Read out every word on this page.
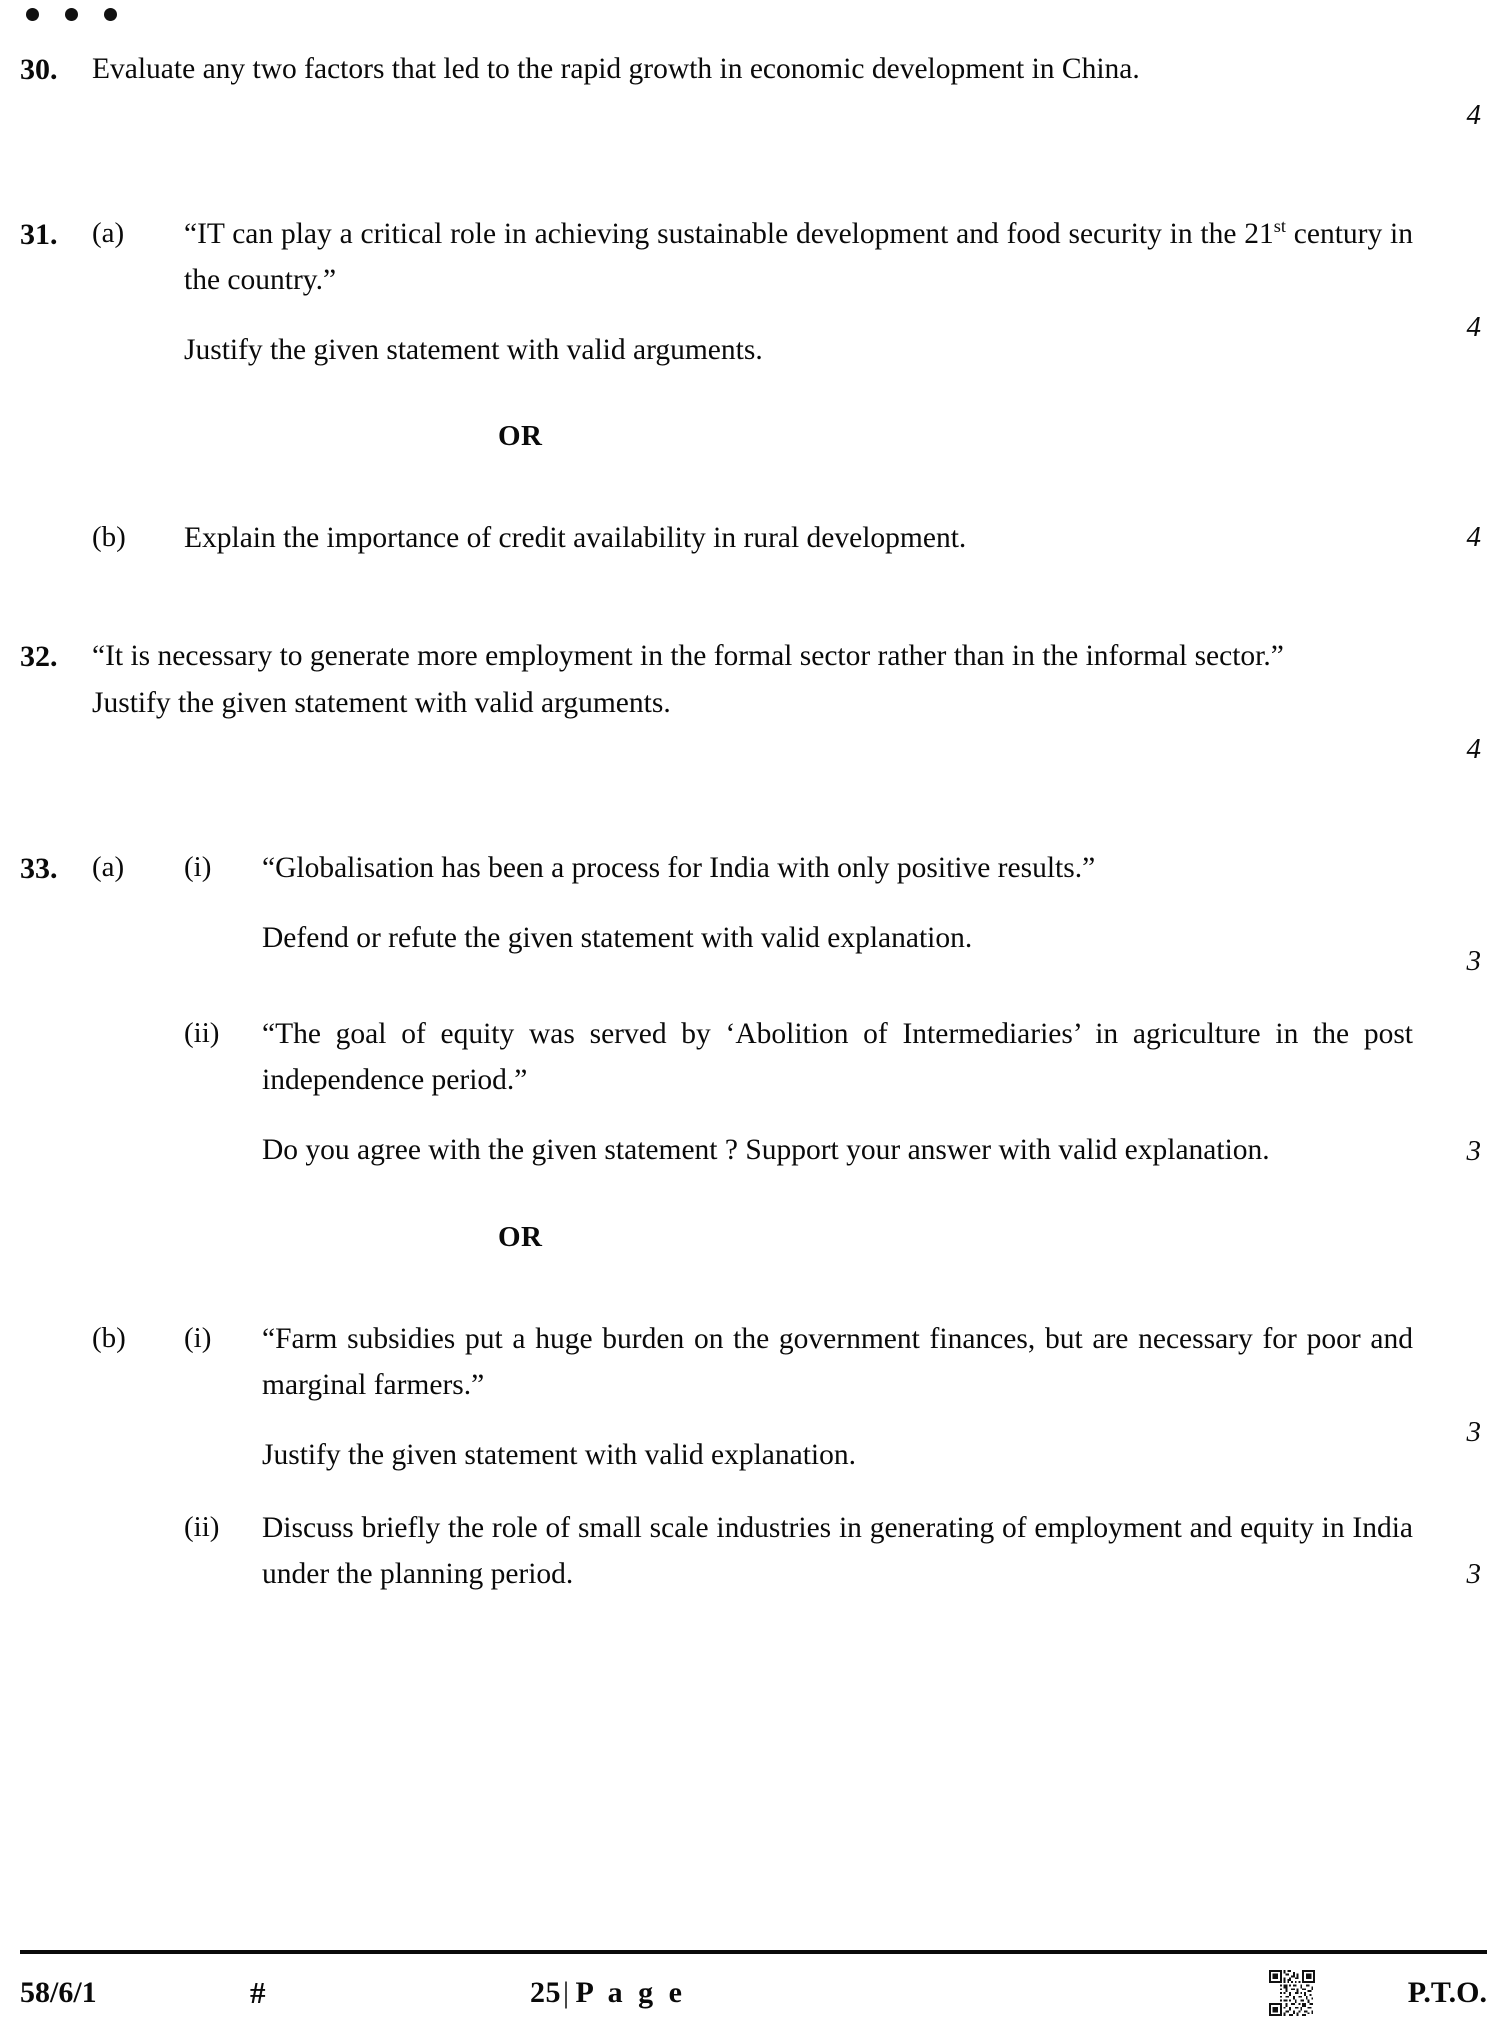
30.	Evaluate any two factors that led to the rapid growth in economic development in China.

4
31.	(a)	“IT can play a critical role in achieving sustainable development and food security in the 21st century in the country.”

Justify the given statement with valid arguments.

4
OR
(b)	Explain the importance of credit availability in rural development.	4
32.	“It is necessary to generate more employment in the formal sector rather than in the informal sector.”

Justify the given statement with valid arguments.

4
33.	(a)	(i)	“Globalisation has been a process for India with only positive results.”

Defend or refute the given statement with valid explanation.

3
(ii)	“The goal of equity was served by ‘Abolition of Intermediaries’ in agriculture in the post independence period.”

Do you agree with the given statement ? Support your answer with valid explanation.	3
OR
(b)	(i)	“Farm subsidies put a huge burden on the government finances, but are necessary for poor and marginal farmers.”

Justify the given statement with valid explanation.

3
(ii)	Discuss briefly the role of small scale industries in generating of employment and equity in India under the planning period.	3
58/6/1	#	25| P a g e	P.T.O.
